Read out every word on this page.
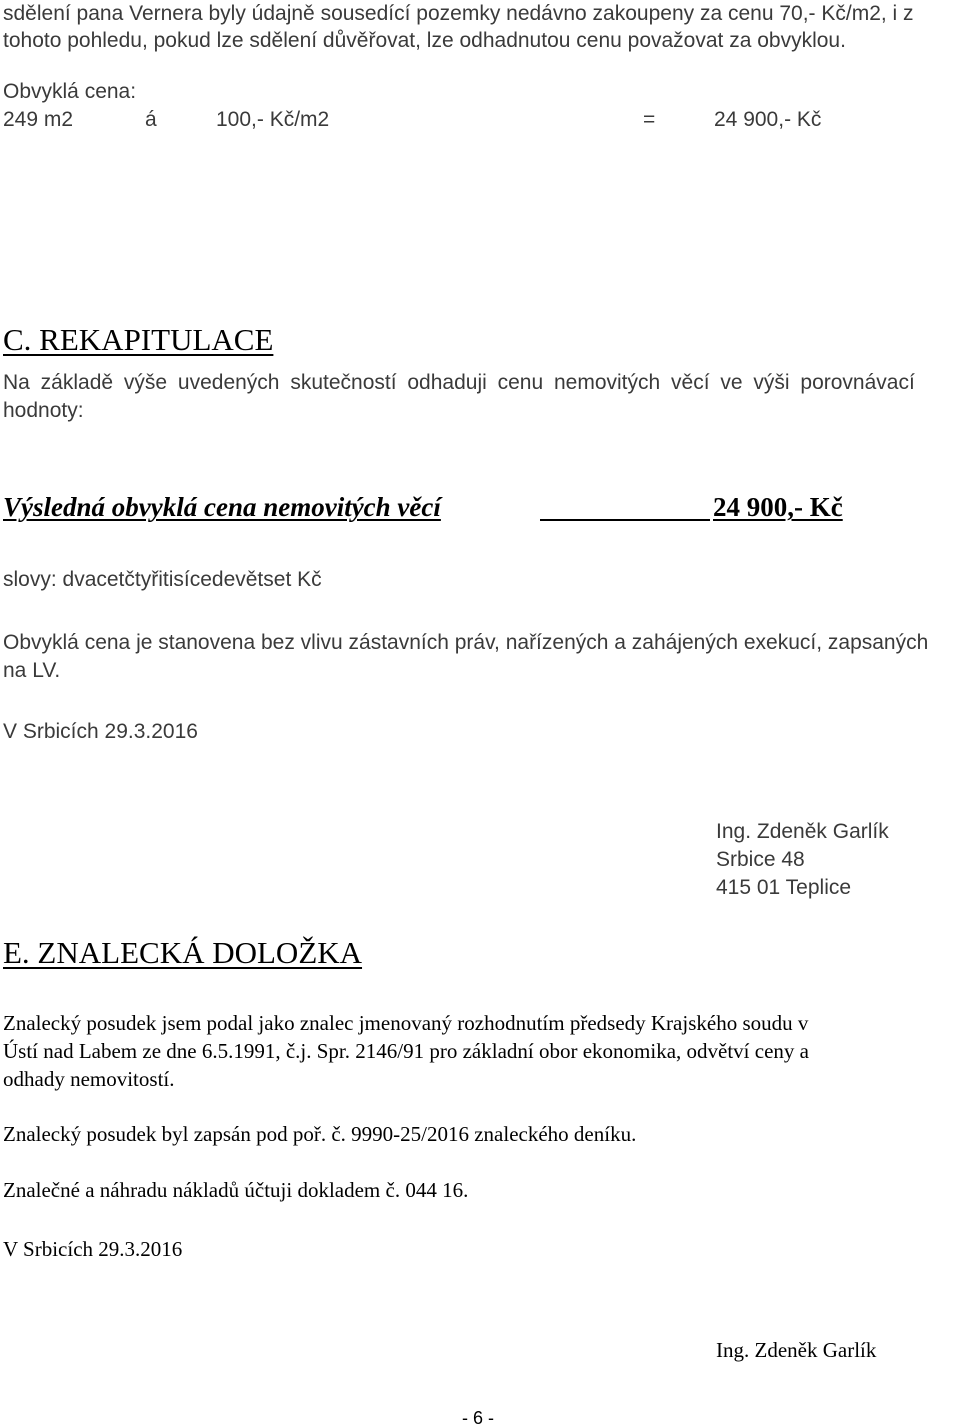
sdělení pana Vernera byly údajně sousedící pozemky nedávno zakoupeny za cenu 70,- Kč/m2, i z
tohoto pohledu, pokud lze sdělení důvěřovat, lze odhadnutou cenu považovat za obvyklou.
Obvyklá cena:
249 m2	á	100,- Kč/m2	=	24 900,- Kč
C. REKAPITULACE
Na základě výše uvedených skutečností odhaduji cenu nemovitých věcí ve výši porovnávací
hodnoty:
Výsledná obvyklá cena nemovitých věcí	24 900,- Kč
slovy: dvacetčtyřitisícedevětset Kč
Obvyklá cena je stanovena bez vlivu zástavních práv, nařízených a zahájených exekucí, zapsaných
na LV.
V Srbicích 29.3.2016
Ing. Zdeněk Garlík
Srbice 48
415 01 Teplice
E. ZNALECKÁ DOLOŽKA
Znalecký posudek jsem podal jako znalec jmenovaný rozhodnutím předsedy Krajského soudu v
Ústí nad Labem ze dne 6.5.1991, č.j. Spr. 2146/91 pro základní obor ekonomika, odvětví ceny a
odhady nemovitostí.
Znalecký posudek byl zapsán pod poř. č. 9990-25/2016 znaleckého deníku.
Znalečné a náhradu nákladů účtuji dokladem č. 044 16.
V Srbicích 29.3.2016
Ing. Zdeněk Garlík
- 6 -
